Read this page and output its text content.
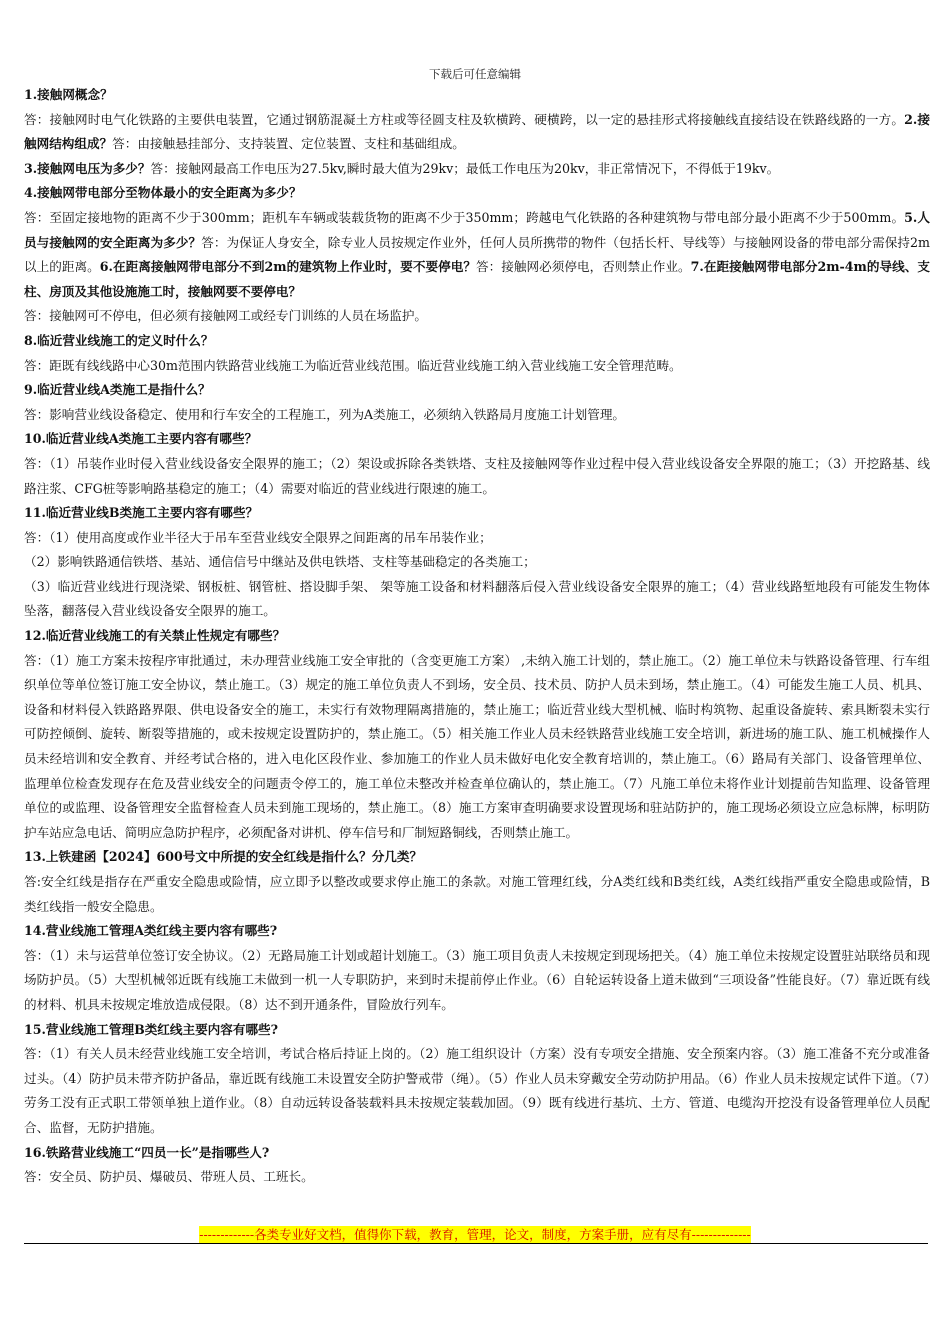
下载后可任意编辑

1.接触网概念？

答：接触网时电气化铁路的主要供电装置，它通过钢筋混凝土方柱或等径圆支柱及软横跨、硬横跨，以一定的悬挂形式将接触线直接结设在铁路线路的一方。2.接触网结构组成？答：由接触悬挂部分、支持装置、定位装置、支柱和基础组成。

3.接触网电压为多少？答：接触网最高工作电压为27.5kv,瞬时最大值为29kv；最低工作电压为20kv，非正常情况下，不得低于19kv。

4.接触网带电部分至物体最小的安全距离为多少？

答：至固定接地物的距离不少于300mm；距机车车辆或装载货物的距离不少于350mm；跨越电气化铁路的各种建筑物与带电部分最小距离不少于500mm。5.人员与接触网的安全距离为多少？答：为保证人身安全，除专业人员按规定作业外，任何人员所携带的物件（包括长杆、导线等）与接触网设备的带电部分需保持2m以上的距离。6.在距离接触网带电部分不到2m的建筑物上作业时，要不要停电？答：接触网必须停电，否则禁止作业。7.在距接触网带电部分2m-4m的导线、支柱、房顶及其他设施施工时，接触网要不要停电？

答：接触网可不停电，但必须有接触网工或经专门训练的人员在场监护。

8.临近营业线施工的定义时什么？

答：距既有线线路中心30m范围内铁路营业线施工为临近营业线范围。临近营业线施工纳入营业线施工安全管理范畴。

9.临近营业线A类施工是指什么？

答：影响营业线设备稳定、使用和行车安全的工程施工，列为A类施工，必须纳入铁路局月度施工计划管理。

10.临近营业线A类施工主要内容有哪些？

答：（1）吊装作业时侵入营业线设备安全限界的施工；（2）架设或拆除各类铁塔、支柱及接触网等作业过程中侵入营业线设备安全界限的施工；（3）开挖路基、线路注浆、CFG桩等影响路基稳定的施工；（4）需要对临近的营业线进行限速的施工。

11.临近营业线B类施工主要内容有哪些？

答：（1）使用高度或作业半径大于吊车至营业线安全限界之间距离的吊车吊装作业；

（2）影响铁路通信铁塔、基站、通信信号中继站及供电铁塔、支柱等基础稳定的各类施工；

（3）临近营业线进行现浇梁、钢板桩、钢管桩、搭设脚手架、 架等施工设备和材料翻落后侵入营业线设备安全限界的施工；（4）营业线路堑地段有可能发生物体坠落，翻落侵入营业线设备安全限界的施工。

12.临近营业线施工的有关禁止性规定有哪些？

答：（1）施工方案未按程序审批通过，未办理营业线施工安全审批的（含变更施工方案） ,未纳入施工计划的，禁止施工。（2）施工单位未与铁路设备管理、行车组织单位等单位签订施工安全协议，禁止施工。（3）规定的施工单位负责人不到场，安全员、技术员、防护人员未到场，禁止施工。（4）可能发生施工人员、机具、设备和材料侵入铁路路界限、供电设备安全的施工，未实行有效物理隔离措施的，禁止施工；临近营业线大型机械、临时构筑物、起重设备旋转、索具断裂未实行可防控倾倒、旋转、断裂等措施的，或未按规定设置防护的，禁止施工。（5）相关施工作业人员未经铁路营业线施工安全培训，新进场的施工队、施工机械操作人员未经培训和安全教育、并经考试合格的，进入电化区段作业、参加施工的作业人员未做好电化安全教育培训的，禁止施工。（6）路局有关部门、设备管理单位、监理单位检查发现存在危及营业线安全的问题责令停工的，施工单位未整改并检查单位确认的，禁止施工。（7）凡施工单位未将作业计划提前告知监理、设备管理单位的或监理、设备管理安全监督检查人员未到施工现场的，禁止施工。（8）施工方案审查明确要求设置现场和驻站防护的，施工现场必须设立应急标牌，标明防护车站应急电话、简明应急防护程序，必须配备对讲机、停车信号和厂制短路铜线，否则禁止施工。

13.上铁建函【2024】600号文中所提的安全红线是指什么？分几类？

答:安全红线是指存在严重安全隐患或险情，应立即予以整改或要求停止施工的条款。对施工管理红线，分A类红线和B类红线，A类红线指严重安全隐患或险情，B类红线指一般安全隐患。

14.营业线施工管理A类红线主要内容有哪些?

答：（1）未与运营单位签订安全协议。（2）无路局施工计划或超计划施工。（3）施工项目负责人未按规定到现场把关。（4）施工单位未按规定设置驻站联络员和现场防护员。（5）大型机械邻近既有线施工未做到一机一人专职防护，来到时未提前停止作业。（6）自轮运转设备上道未做到“三项设备”性能良好。（7）靠近既有线的材料、机具未按规定堆放造成侵限。（8）达不到开通条件，冒险放行列车。

15.营业线施工管理B类红线主要内容有哪些?

答：（1）有关人员未经营业线施工安全培训，考试合格后持证上岗的。（2）施工组织设计（方案）没有专项安全措施、安全预案内容。（3）施工准备不充分或准备过头。（4）防护员未带齐防护备品，靠近既有线施工未设置安全防护警戒带（绳）。（5）作业人员未穿戴安全劳动防护用品。（6）作业人员未按规定试件下道。（7）劳务工没有正式职工带领单独上道作业。（8）自动远转设备装载料具未按规定装载加固。（9）既有线进行基坑、土方、管道、电缆沟开挖没有设备管理单位人员配合、监督，无防护措施。

16.铁路营业线施工“四员一长”是指哪些人?

答：安全员、防护员、爆破员、带班人员、工班长。

-------------各类专业好文档，值得你下载，教育，管理，论文，制度，方案手册，应有尽有--------------
